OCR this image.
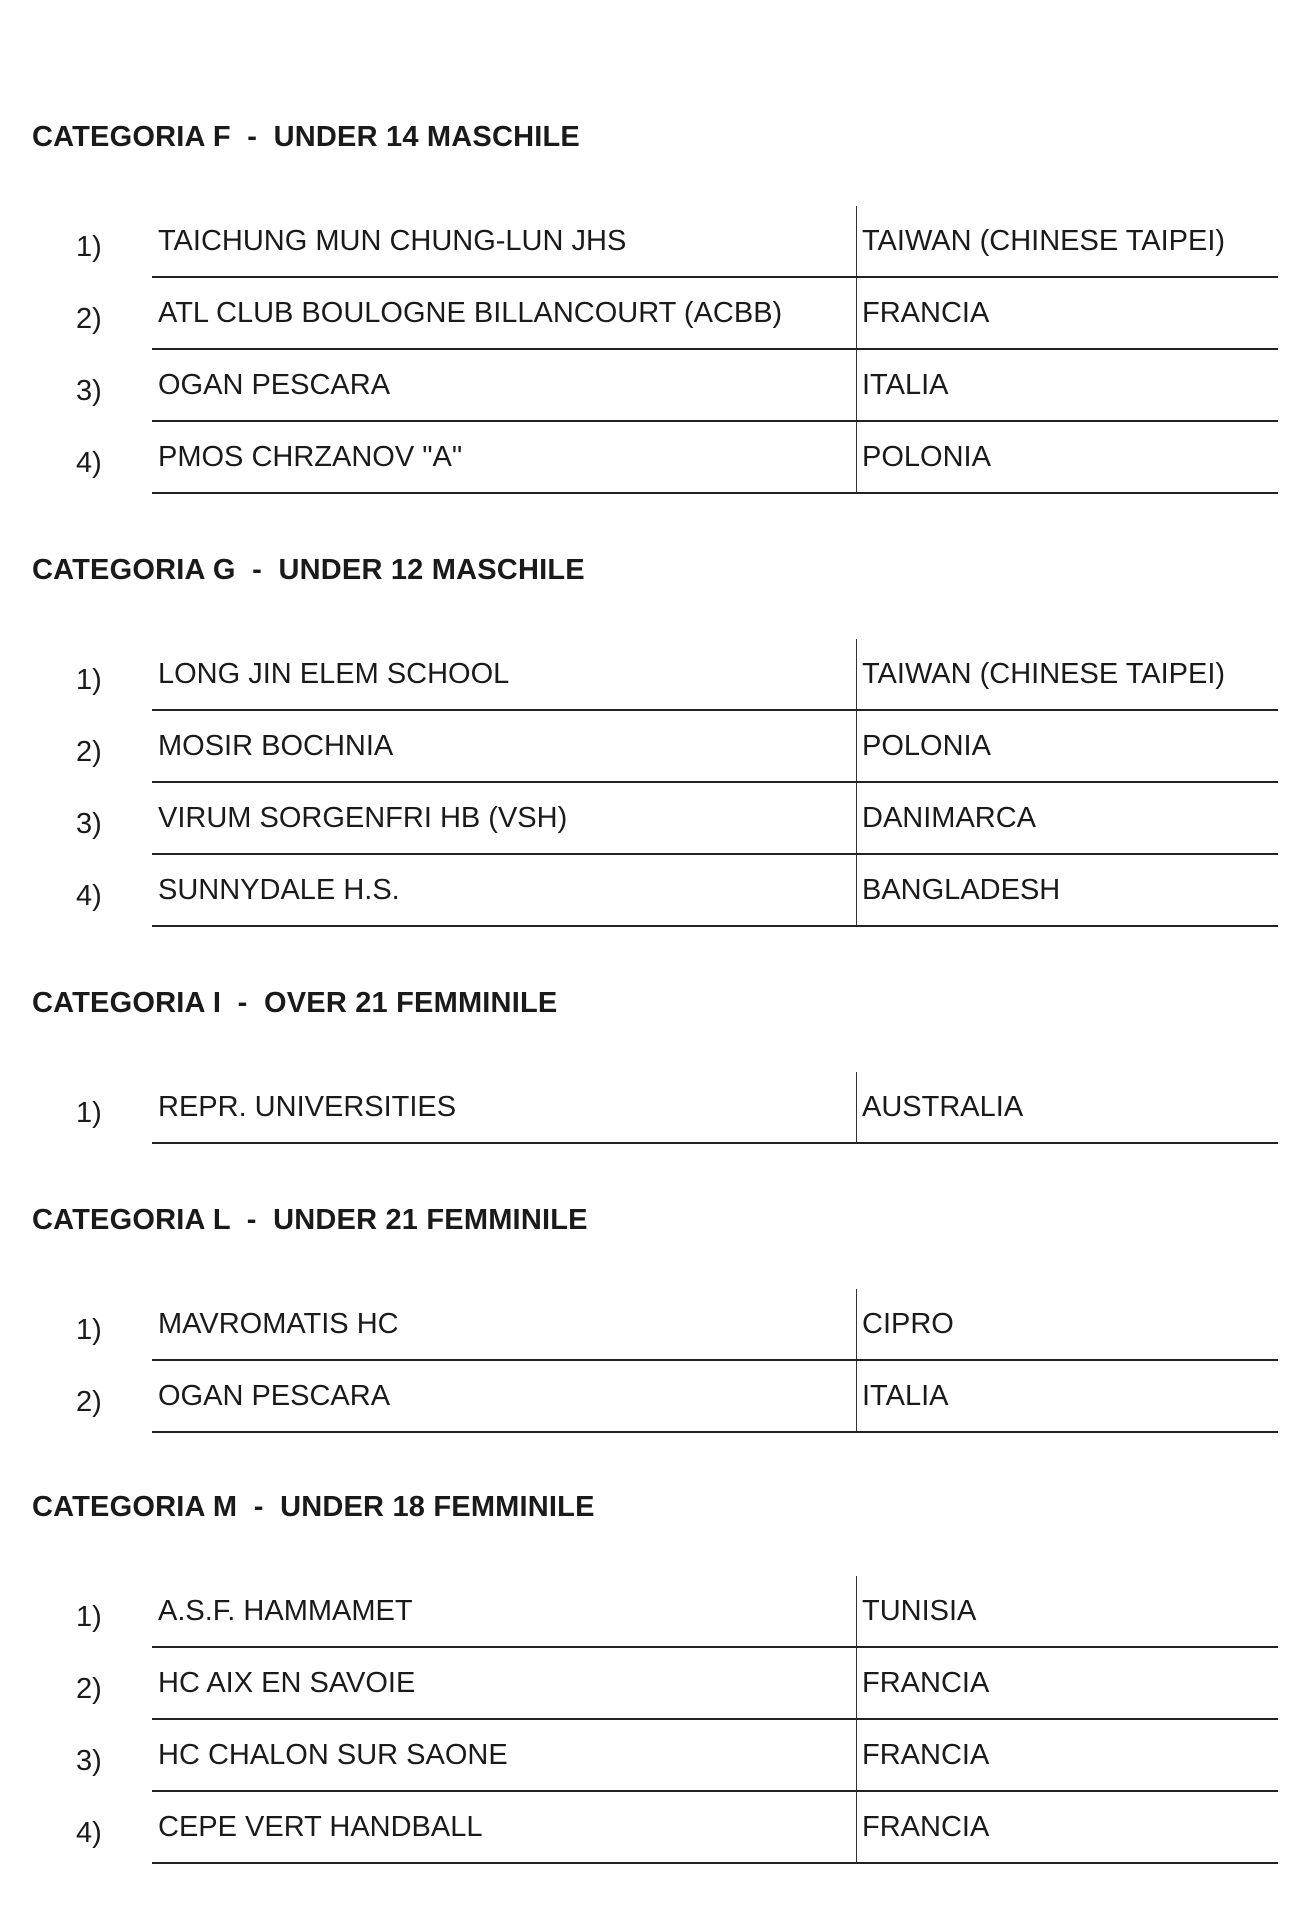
CATEGORIA F  -  UNDER 14 MASCHILE
1) TAICHUNG MUN CHUNG-LUN JHS	TAIWAN (CHINESE TAIPEI)
2) ATL CLUB BOULOGNE BILLANCOURT (ACBB)	FRANCIA
3) OGAN PESCARA	ITALIA
4) PMOS CHRZANOV "A"	POLONIA
CATEGORIA G  -  UNDER 12 MASCHILE
1) LONG JIN ELEM SCHOOL	TAIWAN (CHINESE TAIPEI)
2) MOSIR BOCHNIA	POLONIA
3) VIRUM SORGENFRI HB (VSH)	DANIMARCA
4) SUNNYDALE H.S.	BANGLADESH
CATEGORIA I  -  OVER 21 FEMMINILE
1) REPR. UNIVERSITIES	AUSTRALIA
CATEGORIA L  -  UNDER 21 FEMMINILE
1) MAVROMATIS HC	CIPRO
2) OGAN PESCARA	ITALIA
CATEGORIA M  -  UNDER 18 FEMMINILE
1) A.S.F. HAMMAMET	TUNISIA
2) HC AIX EN SAVOIE	FRANCIA
3) HC CHALON SUR SAONE	FRANCIA
4) CEPE VERT HANDBALL	FRANCIA
